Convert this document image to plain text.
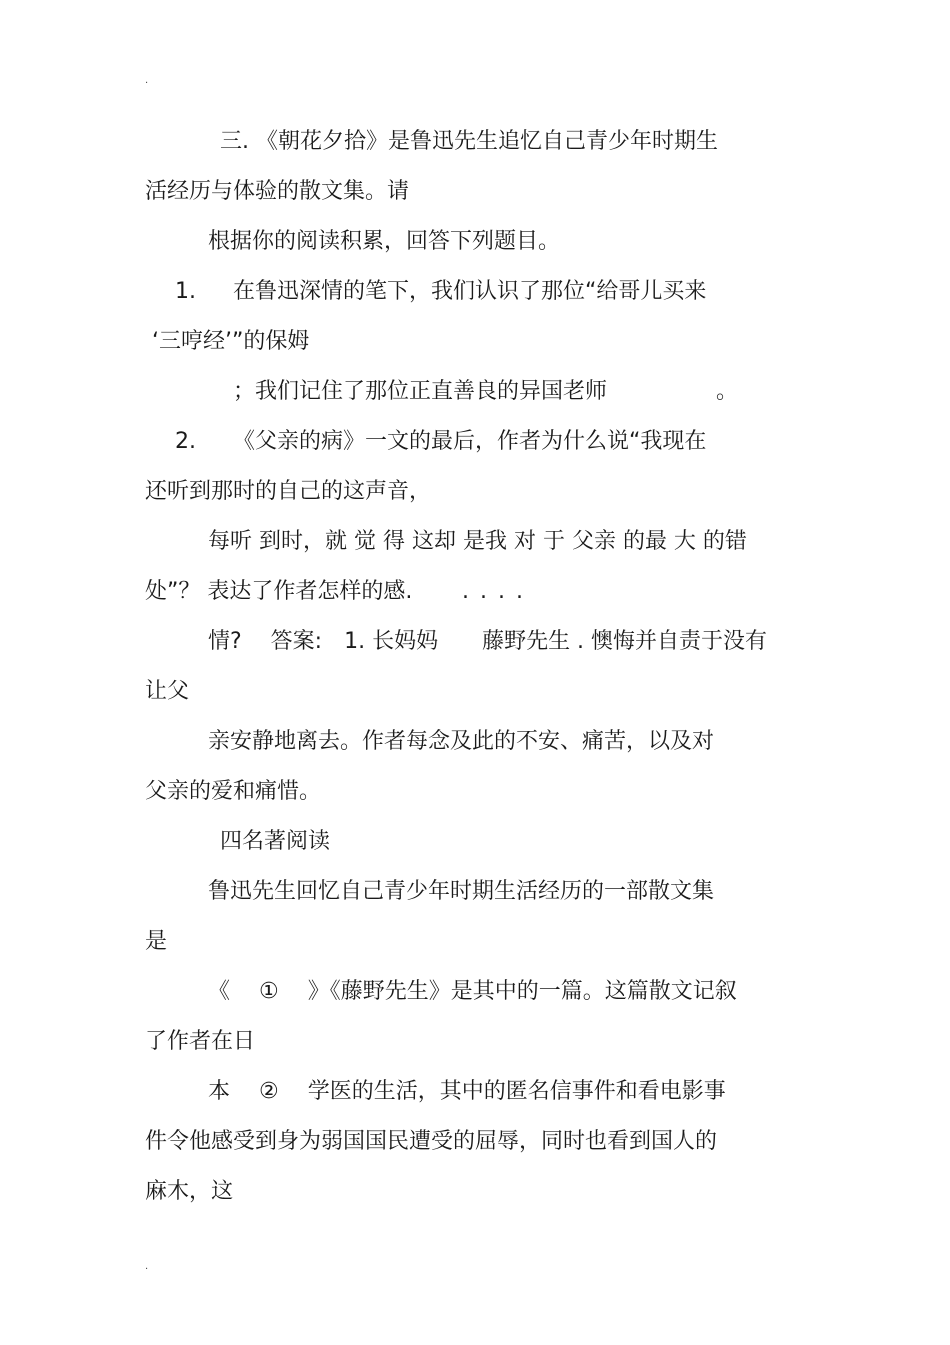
.
三. 《朝花夕拾》是鲁迅先生追忆自己青少年时期生
活经历与体验的散文集。请
根据你的阅读积累，回答下列题目。
1. 在鲁迅深情的笔下，我们认识了那位“给哥儿买来
‘三哼经’”的保姆
；我们记住了那位正直善良的异国老师	。
2. 《父亲的病》一文的最后，作者为什么说“我现在
还听到那时的自己的这声音，
每听 到时，就 觉 得 这却 是我 对 于 父亲 的最 大 的错
处”？ 表达了作者怎样的感. . . . .
情?　 答案:　1. 长妈妈　　藤野先生 . 懊悔并自责于没有
让父
亲安静地离去。作者每念及此的不安、痛苦，以及对
父亲的爱和痛惜。
四名著阅读
鲁迅先生回忆自己青少年时期生活经历的一部散文集
是
《　 ①　 》《藤野先生》是其中的一篇。这篇散文记叙
了作者在日
本　 ②　 学医的生活，其中的匿名信事件和看电影事
件令他感受到身为弱国国民遭受的屈辱，同时也看到国人的
麻木，这
.
